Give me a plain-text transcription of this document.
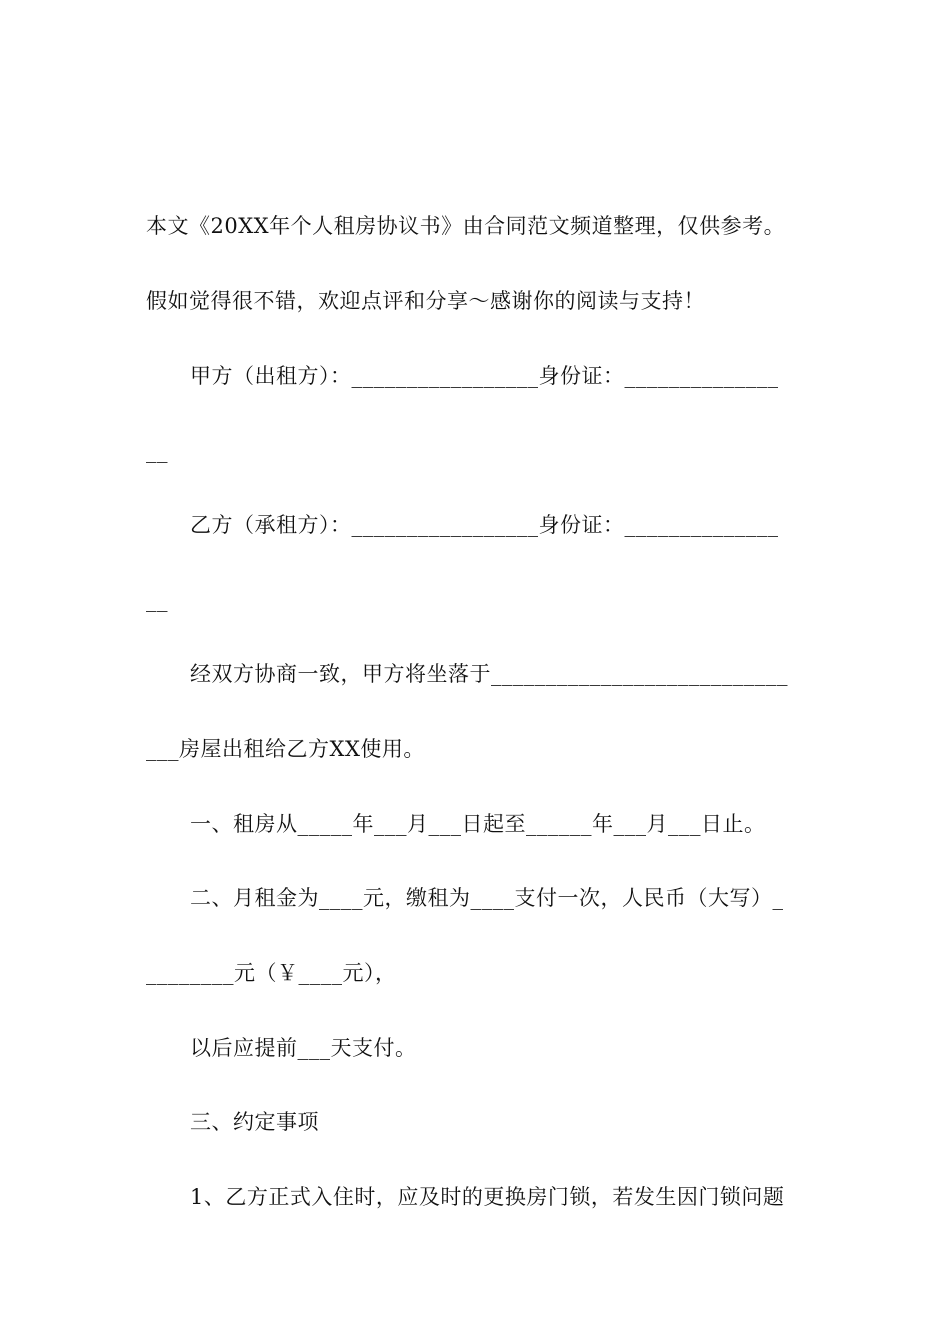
本文《20XX年个人租房协议书》由合同范文频道整理，仅供参考。
假如觉得很不错，欢迎点评和分享～感谢你的阅读与支持！
甲方（出租方）：_________________身份证：______________
__
乙方（承租方）：_________________身份证：______________
__
经双方协商一致，甲方将坐落于___________________________
___房屋出租给乙方XX使用。
一、租房从_____年___月___日起至______年___月___日止。
二、月租金为____元，缴租为____支付一次，人民币（大写）_
________元（￥____元），
以后应提前___天支付。
三、约定事项
1、乙方正式入住时，应及时的更换房门锁，若发生因门锁问题
